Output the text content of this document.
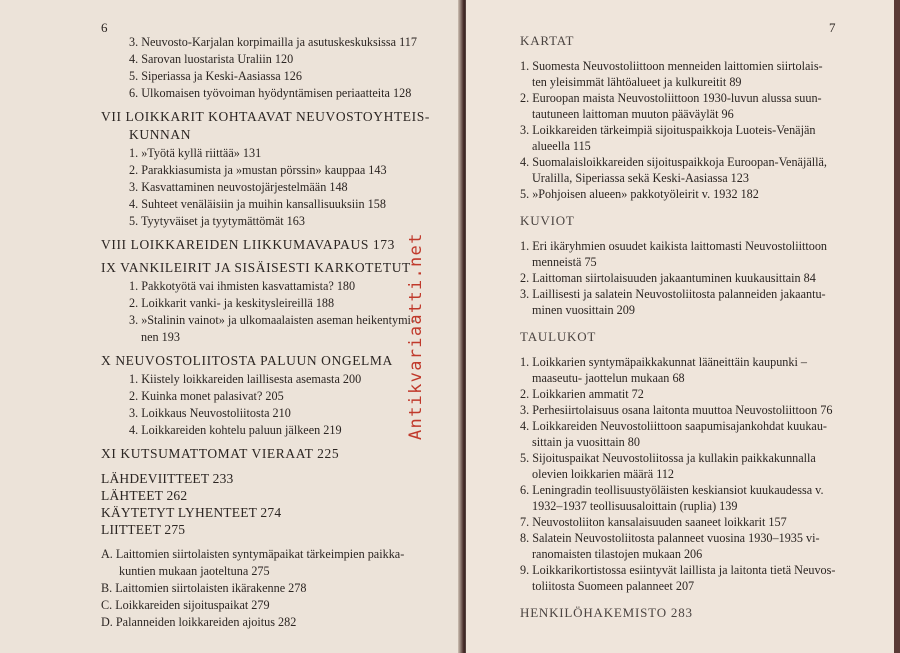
6
3. Neuvosto-Karjalan korpimailla ja asutuskeskuksissa 117
4. Sarovan luostarista Uraliin 120
5. Siperiassa ja Keski-Aasiassa 126
6. Ulkomaisen työvoiman hyödyntämisen periaatteita 128
VII LOIKKARIT KOHTAAVAT NEUVOSTOYHTEIS-
KUNNAN
1. »Työtä kyllä riittää» 131
2. Parakkiasumista ja »mustan pörssin» kauppaa 143
3. Kasvattaminen neuvostojärjestelmään 148
4. Suhteet venäläisiin ja muihin kansallisuuksiin 158
5. Tyytyväiset ja tyytymättömät 163
VIII LOIKKAREIDEN LIIKKUMAVAPAUS 173
IX VANKILEIRIT JA SISÄISESTI KARKOTETUT
1. Pakkotyötä vai ihmisten kasvattamista? 180
2. Loikkarit vanki- ja keskitysleireillä 188
3. »Stalinin vainot» ja ulkomaalaisten aseman heikentymi-
nen 193
X NEUVOSTOLIITOSTA PALUUN ONGELMA
1. Kiistely loikkareiden laillisesta asemasta 200
2. Kuinka monet palasivat? 205
3. Loikkaus Neuvostoliitosta 210
4. Loikkareiden kohtelu paluun jälkeen 219
XI KUTSUMATTOMAT VIERAAT 225
LÄHDEVIITTEET 233
LÄHTEET 262
KÄYTETYT LYHENTEET 274
LIITTEET 275
A. Laittomien siirtolaisten syntymäpaikat tärkeimpien paikka-
kuntien mukaan jaoteltuna 275
B. Laittomien siirtolaisten ikärakenne 278
C. Loikkareiden sijoituspaikat 279
D. Palanneiden loikkareiden ajoitus 282
Antikvariaatti.net
7
KARTAT
1. Suomesta Neuvostoliittoon menneiden laittomien siirtolais-
ten yleisimmät lähtöalueet ja kulkureitit 89
2. Euroopan maista Neuvostoliittoon 1930-luvun alussa suun-
tautuneen laittoman muuton pääväylät 96
3. Loikkareiden tärkeimpiä sijoituspaikkoja Luoteis-Venäjän
alueella 115
4. Suomalaisloikkareiden sijoituspaikkoja Euroopan-Venäjällä,
Uralilla, Siperiassa sekä Keski-Aasiassa 123
5. »Pohjoisen alueen» pakkotyöleirit v. 1932 182
KUVIOT
1. Eri ikäryhmien osuudet kaikista laittomasti Neuvostoliittoon
menneistä 75
2. Laittoman siirtolaisuuden jakaantuminen kuukausittain 84
3. Laillisesti ja salatein Neuvostoliitosta palanneiden jakaantu-
minen vuosittain 209
TAULUKOT
1. Loikkarien syntymäpaikkakunnat lääneittäin kaupunki –
maaseutu- jaottelun mukaan 68
2. Loikkarien ammatit 72
3. Perhesiirtolaisuus osana laitonta muuttoa Neuvostoliittoon 76
4. Loikkareiden Neuvostoliittoon saapumisajankohdat kuukau-
sittain ja vuosittain 80
5. Sijoituspaikat Neuvostoliitossa ja kullakin paikkakunnalla
olevien loikkarien määrä 112
6. Leningradin teollisuustyöläisten keskiansiot kuukaudessa v.
1932–1937 teollisuusaloittain (ruplia) 139
7. Neuvostoliiton kansalaisuuden saaneet loikkarit 157
8. Salatein Neuvostoliitosta palanneet vuosina 1930–1935 vi-
ranomaisten tilastojen mukaan 206
9. Loikkarikortistossa esiintyvät laillista ja laitonta tietä Neuvos-
toliitosta Suomeen palanneet 207
HENKILÖHAKEMISTO 283
